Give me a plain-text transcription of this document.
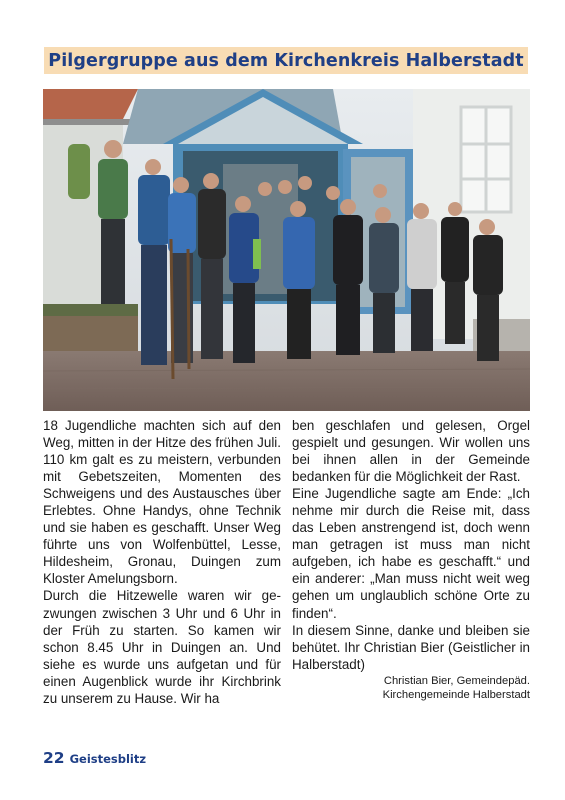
Pilgergruppe aus dem Kirchenkreis Halberstadt

18 Jugendliche machten sich auf den Weg, mitten in der Hitze des frühen Juli. 110 km galt es zu meistern, verbunden mit Gebetszeiten, Momenten des Schweigens und des Austausches über Erlebtes. Ohne Handys, ohne Technik und sie haben es geschafft. Unser Weg führte uns von Wolfenbüttel, Lesse, Hildesheim, Gronau, Duingen zum Kloster Amelungsborn.

Durch die Hitzewelle waren wir gezwungen zwischen 3 Uhr und 6 Uhr in der Früh zu starten. So kamen wir schon 8.45 Uhr in Duingen an. Und siehe es wurde uns aufgetan und für einen Augenblick wurde ihr Kirchbrink zu unserem zu Hause. Wir ha

ben geschlafen und gelesen, Orgel gespielt und gesungen. Wir wollen uns bei ihnen allen in der Gemeinde bedanken für die Möglichkeit der Rast.

Eine Jugendliche sagte am Ende: „Ich nehme mir durch die Reise mit, dass das Leben anstrengend ist, doch wenn man getragen ist muss man nicht aufgeben, ich habe es geschafft.“ und ein anderer: „Man muss nicht weit weg gehen um unglaublich schöne Orte zu finden“.

In diesem Sinne, danke und bleiben sie behütet. Ihr Christian Bier (Geistlicher in Halberstadt)

Christian Bier, Gemeindepäd.
Kirchengemeinde Halberstadt

22 Geistesblitz
